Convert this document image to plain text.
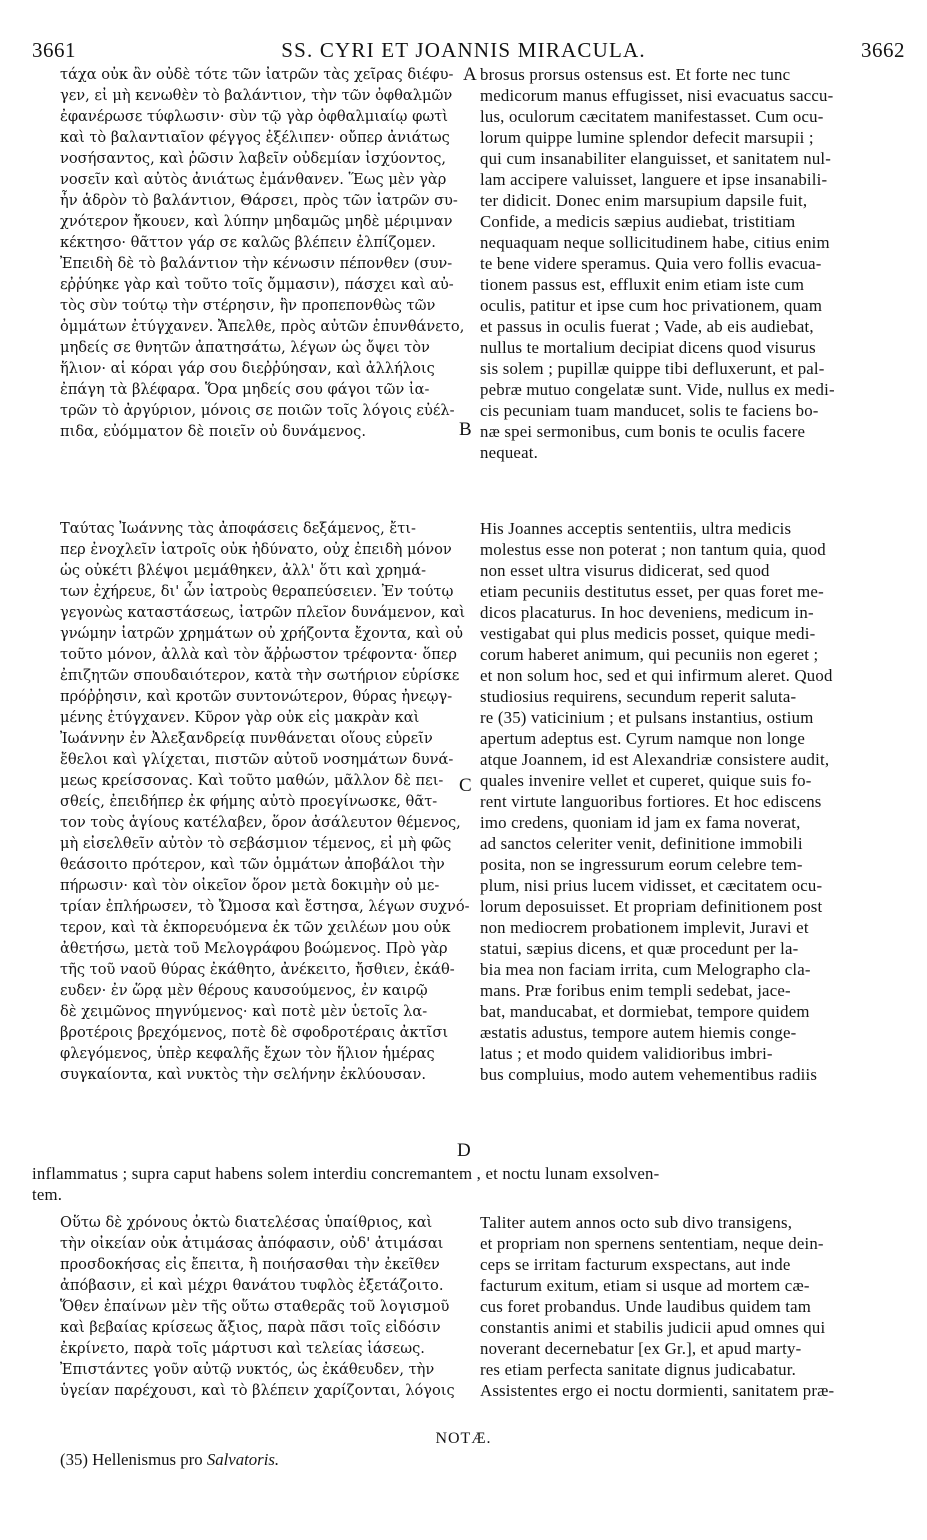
3661	SS. CYRI ET JOANNIS MIRACULA.	3662
τάχα οὐκ ἂν οὐδὲ τότε τῶν ἰατρῶν τὰς χεῖρας διέφυ-
γεν, εἰ μὴ κενωθὲν τὸ βαλάντιον, τὴν τῶν ὀφθαλμῶν
ἐφανέρωσε τύφλωσιν· σὺν τῷ γὰρ ὀφθαλμιαίῳ φωτὶ
καὶ τὸ βαλαντιαῖον φέγγος ἐξέλιπεν· οὔπερ ἀνιάτως
νοσήσαντος, καὶ ῥῶσιν λαβεῖν οὐδεμίαν ἰσχύοντος,
νοσεῖν καὶ αὐτὸς ἀνιάτως ἐμάνθανεν. Ἕως μὲν γὰρ
ἦν ἁδρὸν τὸ βαλάντιον, Θάρσει, πρὸς τῶν ἰατρῶν συ-
χνότερον ἤκουεν, καὶ λύπην μηδαμῶς μηδὲ μέριμναν
κέκτησο· θᾶττον γάρ σε καλῶς βλέπειν ἐλπίζομεν.
Ἐπειδὴ δὲ τὸ βαλάντιον τὴν κένωσιν πέπονθεν (συν-
εῤῥύηκε γὰρ καὶ τοῦτο τοῖς ὄμμασιν), πάσχει καὶ αὐ-
τὸς σὺν τούτῳ τὴν στέρησιν, ἣν προπεπονθὼς τῶν
ὀμμάτων ἐτύγχανεν. Ἄπελθε, πρὸς αὐτῶν ἐπυνθάνετο,
μηδείς σε θνητῶν ἀπατησάτω, λέγων ὡς ὄψει τὸν
ἥλιον· αἱ κόραι γάρ σου διεῤῥύησαν, καὶ ἀλλήλοις
ἐπάγη τὰ βλέφαρα. Ὅρα μηδείς σου φάγοι τῶν ἰα-
τρῶν τὸ ἀργύριον, μόνοις σε ποιῶν τοῖς λόγοις εὐέλ-
πιδα, εὐόμματον δὲ ποιεῖν οὐ δυνάμενος.
brosus prorsus ostensus est. Et forte nec tunc
medicorum manus effugisset, nisi evacuatus saccu-
lus, oculorum cæcitatem manifestasset. Cum ocu-
lorum quippe lumine splendor defecit marsupii ;
qui cum insanabiliter elanguisset, et sanitatem nul-
lam accipere valuisset, languere et ipse insanabili-
ter didicit. Donec enim marsupium dapsile fuit,
Confide, a medicis sæpius audiebat, tristitiam
nequaquam neque sollicitudinem habe, citius enim
te bene videre speramus. Quia vero follis evacua-
tionem passus est, effluxit enim etiam iste cum
oculis, patitur et ipse cum hoc privationem, quam
et passus in oculis fuerat ; Vade, ab eis audiebat,
nullus te mortalium decipiat dicens quod visurus
sis solem ; pupillæ quippe tibi defluxerunt, et pal-
pebræ mutuo congelatæ sunt. Vide, nullus ex medi-
cis pecuniam tuam manducet, solis te faciens bo-
næ spei sermonibus, cum bonis te oculis facere
nequeat.
Ταύτας Ἰωάννης τὰς ἀποφάσεις δεξάμενος, ἔτι-
περ ἐνοχλεῖν ἰατροῖς οὐκ ἠδύνατο, οὐχ ἐπειδὴ μόνον
ὡς οὐκέτι βλέψοι μεμάθηκεν, ἀλλ' ὅτι καὶ χρημά-
των ἐχήρευε, δι' ὧν ἰατροὺς θεραπεύσειεν. Ἐν τούτῳ
γεγονὼς καταστάσεως, ἰατρῶν πλεῖον δυνάμενον, καὶ
γνώμην ἰατρῶν χρημάτων οὐ χρήζοντα ἔχοντα, καὶ οὐ
τοῦτο μόνον, ἀλλὰ καὶ τὸν ἄῤῥωστον τρέφοντα· ὅπερ
ἐπιζητῶν σπουδαιότερον, κατὰ τὴν σωτήριον εὑρίσκε
πρόῤῥησιν, καὶ κροτῶν συντονώτερον, θύρας ἠνεῳγ-
μένης ἐτύγχανεν. Κῦρον γὰρ οὐκ εἰς μακρὰν καὶ
Ἰωάννην ἐν Ἀλεξανδρείᾳ πυνθάνεται οἵους εὑρεῖν
ἔθελοι καὶ γλίχεται, πιστῶν αὐτοῦ νοσημάτων δυνά-
μεως κρείσσονας. Καὶ τοῦτο μαθών, μᾶλλον δὲ πει-
σθείς, ἐπειδήπερ ἐκ φήμης αὐτὸ προεγίνωσκε, θᾶτ-
τον τοὺς ἁγίους κατέλαβεν, ὅρον ἀσάλευτον θέμενος,
μὴ εἰσελθεῖν αὐτὸν τὸ σεβάσμιον τέμενος, εἰ μὴ φῶς
θεάσοιτο πρότερον, καὶ τῶν ὀμμάτων ἀποβάλοι τὴν
πήρωσιν· καὶ τὸν οἰκεῖον ὅρον μετὰ δοκιμὴν οὐ με-
τρίαν ἐπλήρωσεν, τὸ Ὤμοσα καὶ ἔστησα, λέγων συχνό-
τερον, καὶ τὰ ἐκπορευόμενα ἐκ τῶν χειλέων μου οὐκ
ἀθετήσω, μετὰ τοῦ Μελογράφου βοώμενος. Πρὸ γὰρ
τῆς τοῦ ναοῦ θύρας ἐκάθητο, ἀνέκειτο, ἤσθιεν, ἐκάθ-
ευδεν· ἐν ὥρᾳ μὲν θέρους καυσούμενος, ἐν καιρῷ
δὲ χειμῶνος πηγνύμενος· καὶ ποτὲ μὲν ὑετοῖς λα-
βροτέροις βρεχόμενος, ποτὲ δὲ σφοδροτέραις ἀκτῖσι
φλεγόμενος, ὑπὲρ κεφαλῆς ἔχων τὸν ἥλιον ἡμέρας
συγκαίοντα, καὶ νυκτὸς τὴν σελήνην ἐκλύουσαν.
His Joannes acceptis sententiis, ultra medicis
molestus esse non poterat ; non tantum quia, quod
non esset ultra visurus didicerat, sed quod
etiam pecuniis destitutus esset, per quas foret me-
dicos placaturus. In hoc deveniens, medicum in-
vestigabat qui plus medicis posset, quique medi-
corum haberet animum, qui pecuniis non egeret ;
et non solum hoc, sed et qui infirmum aleret. Quod
studiosius requirens, secundum reperit saluta-
re (35) vaticinium ; et pulsans instantius, ostium
apertum adeptus est. Cyrum namque non longe
atque Joannem, id est Alexandriæ consistere audit,
quales invenire vellet et cuperet, quique suis fo-
rent virtute languoribus fortiores. Et hoc ediscens
imo credens, quoniam id jam ex fama noverat,
ad sanctos celeriter venit, definitione immobili
posita, non se ingressurum eorum celebre tem-
plum, nisi prius lucem vidisset, et cæcitatem ocu-
lorum deposuisset. Et propriam definitionem post
non mediocrem probationem implevit, Juravi et
statui, sæpius dicens, et quæ procedunt per la-
bia mea non faciam irrita, cum Melographo cla-
mans. Præ foribus enim templi sedebat, jace-
bat, manducabat, et dormiebat, tempore quidem
æstatis adustus, tempore autem hiemis conge-
latus ; et modo quidem validioribus imbri-
bus compluius, modo autem vehementibus radiis
inflammatus ; supra caput habens solem interdiu concremantem , et noctu lunam exsolven-
tem.
Οὕτω δὲ χρόνους ὀκτὼ διατελέσας ὑπαίθριος, καὶ
τὴν οἰκείαν οὐκ ἀτιμάσας ἀπόφασιν, οὐδ' ἀτιμάσαι
προσδοκήσας εἰς ἔπειτα, ἢ ποιήσασθαι τὴν ἐκεῖθεν
ἀπόβασιν, εἰ καὶ μέχρι θανάτου τυφλὸς ἐξετάζοιτο.
Ὅθεν ἐπαίνων μὲν τῆς οὕτω σταθερᾶς τοῦ λογισμοῦ
καὶ βεβαίας κρίσεως ἄξιος, παρὰ πᾶσι τοῖς εἰδόσιν
ἐκρίνετο, παρὰ τοῖς μάρτυσι καὶ τελείας ἰάσεως.
Ἐπιστάντες γοῦν αὐτῷ νυκτός, ὡς ἐκάθευδεν, τὴν
ὑγείαν παρέχουσι, καὶ τὸ βλέπειν χαρίζονται, λόγοις
Taliter autem annos octo sub divo transigens,
et propriam non spernens sententiam, neque dein-
ceps se irritam facturum exspectans, aut inde
facturum exitum, etiam si usque ad mortem cæ-
cus foret probandus. Unde laudibus quidem tam
constantis animi et stabilis judicii apud omnes qui
noverant decernebatur [ex Gr.], et apud marty-
res etiam perfecta sanitate dignus judicabatur.
Assistentes ergo ei noctu dormienti, sanitatem præ-
A
B
C
D
NOTÆ.
(35) Hellenismus pro Salvatoris.
